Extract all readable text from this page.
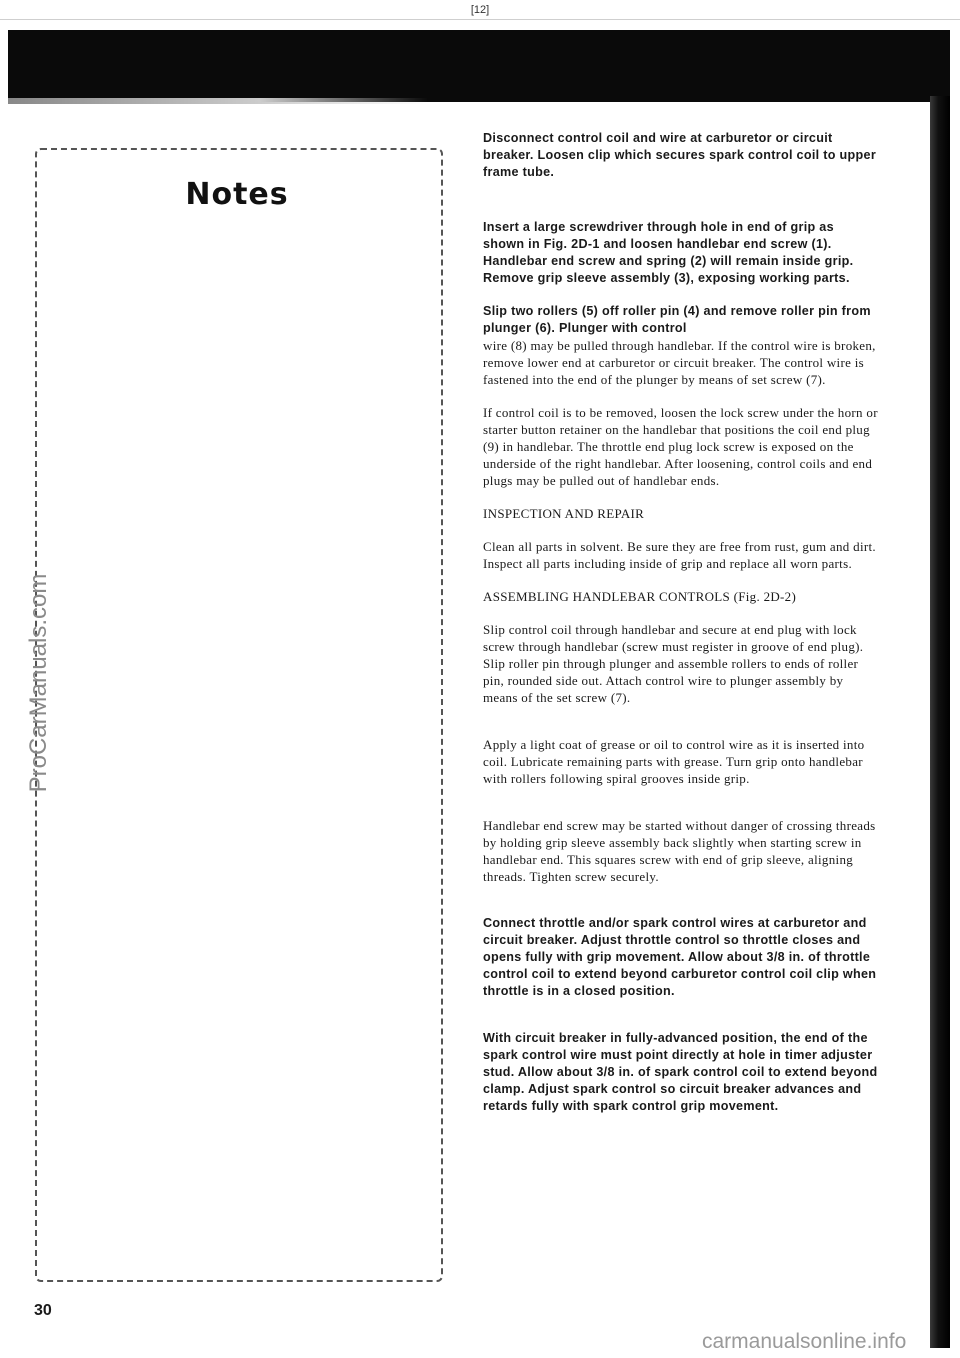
[12]
Notes
ProCarManuals.com
30
carmanualsonline.info

Disconnect control coil and wire at carburetor or circuit breaker. Loosen clip which secures spark control coil to upper frame tube.

Insert a large screwdriver through hole in end of grip as shown in Fig. 2D-1 and loosen handlebar end screw (1). Handlebar end screw and spring (2) will remain inside grip. Remove grip sleeve assembly (3), exposing working parts.

Slip two rollers (5) off roller pin (4) and remove roller pin from plunger (6). Plunger with control

wire (8) may be pulled through handlebar. If the control wire is broken, remove lower end at carburetor or circuit breaker. The control wire is fastened into the end of the plunger by means of set screw (7).

If control coil is to be removed, loosen the lock screw under the horn or starter button retainer on the handlebar that positions the coil end plug (9) in handlebar. The throttle end plug lock screw is exposed on the underside of the right handlebar. After loosening, control coils and end plugs may be pulled out of handlebar ends.

INSPECTION AND REPAIR

Clean all parts in solvent. Be sure they are free from rust, gum and dirt. Inspect all parts including inside of grip and replace all worn parts.

ASSEMBLING HANDLEBAR CONTROLS (Fig. 2D-2)

Slip control coil through handlebar and secure at end plug with lock screw through handlebar (screw must register in groove of end plug). Slip roller pin through plunger and assemble rollers to ends of roller pin, rounded side out. Attach control wire to plunger assembly by means of the set screw (7).

Apply a light coat of grease or oil to control wire as it is inserted into coil. Lubricate remaining parts with grease. Turn grip onto handlebar with rollers following spiral grooves inside grip.

Handlebar end screw may be started without danger of crossing threads by holding grip sleeve assembly back slightly when starting screw in handlebar end. This squares screw with end of grip sleeve, aligning threads. Tighten screw securely.

Connect throttle and/or spark control wires at carburetor and circuit breaker. Adjust throttle control so throttle closes and opens fully with grip movement. Allow about 3/8 in. of throttle control coil to extend beyond carburetor control coil clip when throttle is in a closed position.

With circuit breaker in fully-advanced position, the end of the spark control wire must point directly at hole in timer adjuster stud. Allow about 3/8 in. of spark control coil to extend beyond clamp. Adjust spark control so circuit breaker advances and retards fully with spark control grip movement.
